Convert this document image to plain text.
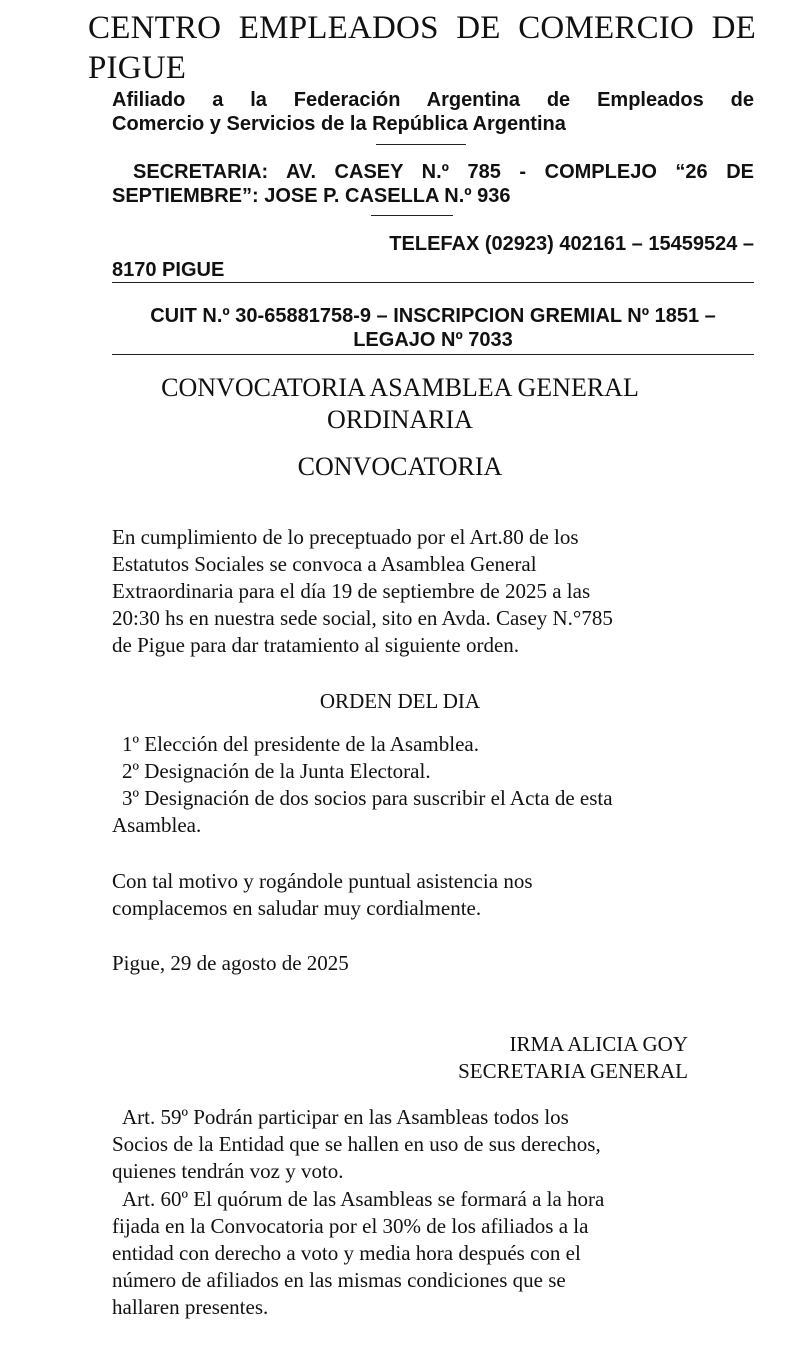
CENTRO EMPLEADOS DE COMERCIO DE
PIGUE
Afiliado a la Federación Argentina de Empleados de
Comercio y Servicios de la República Argentina
SECRETARIA: AV. CASEY N.º 785 - COMPLEJO “26 DE
SEPTIEMBRE”: JOSE P. CASELLA N.º 936
TELEFAX (02923) 402161 – 15459524 –
8170 PIGUE
CUIT N.º 30-65881758-9 – INSCRIPCION GREMIAL Nº 1851 –
LEGAJO Nº 7033
CONVOCATORIA ASAMBLEA GENERAL
ORDINARIA
CONVOCATORIA
En cumplimiento de lo preceptuado por el Art.80 de los
Estatutos Sociales se convoca a Asamblea General
Extraordinaria para el día 19 de septiembre de 2025 a las
20:30 hs en nuestra sede social, sito en Avda. Casey N.°785
de Pigue para dar tratamiento al siguiente orden.
ORDEN DEL DIA
1º Elección del presidente de la Asamblea.
2º Designación de la Junta Electoral.
3º Designación de dos socios para suscribir el Acta de esta
Asamblea.
Con tal motivo y rogándole puntual asistencia nos
complacemos en saludar muy cordialmente.
Pigue, 29 de agosto de 2025
IRMA ALICIA GOY
SECRETARIA GENERAL
Art. 59º Podrán participar en las Asambleas todos los
Socios de la Entidad que se hallen en uso de sus derechos,
quienes tendrán voz y voto.
Art. 60º El quórum de las Asambleas se formará a la hora
fijada en la Convocatoria por el 30% de los afiliados a la
entidad con derecho a voto y media hora después con el
número de afiliados en las mismas condiciones que se
hallaren presentes.
